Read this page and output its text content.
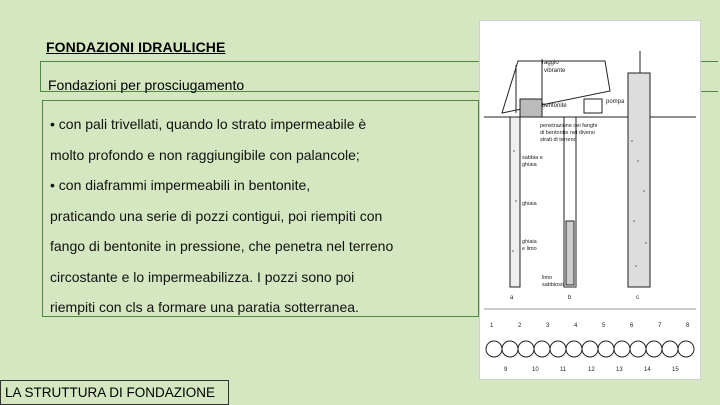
FONDAZIONI IDRAULICHE
Fondazioni per prosciugamento

• con pali trivellati, quando lo strato impermeabile è

molto profondo e non raggiungibile con palancole;

• con diaframmi impermeabili in bentonite,

praticando una serie di pozzi contigui, poi riempiti con

fango di bentonite in pressione, che penetra nel terreno

circostante e lo impermeabilizza. I pozzi sono poi

riempiti con cls a formare una paratia sotterranea.

raggio
vibrante
pompa
bentonite
penetrazione dei fanghi
di bentonite nei diversi
strati di terreno
sabbia e
ghiaia
ghiaia
ghiaia
e limo
limo
sabbioso
a	b	c
1	2	3	4	5	6	7	8
9	10	11	12	13	14	15
LA STRUTTURA DI FONDAZIONE
